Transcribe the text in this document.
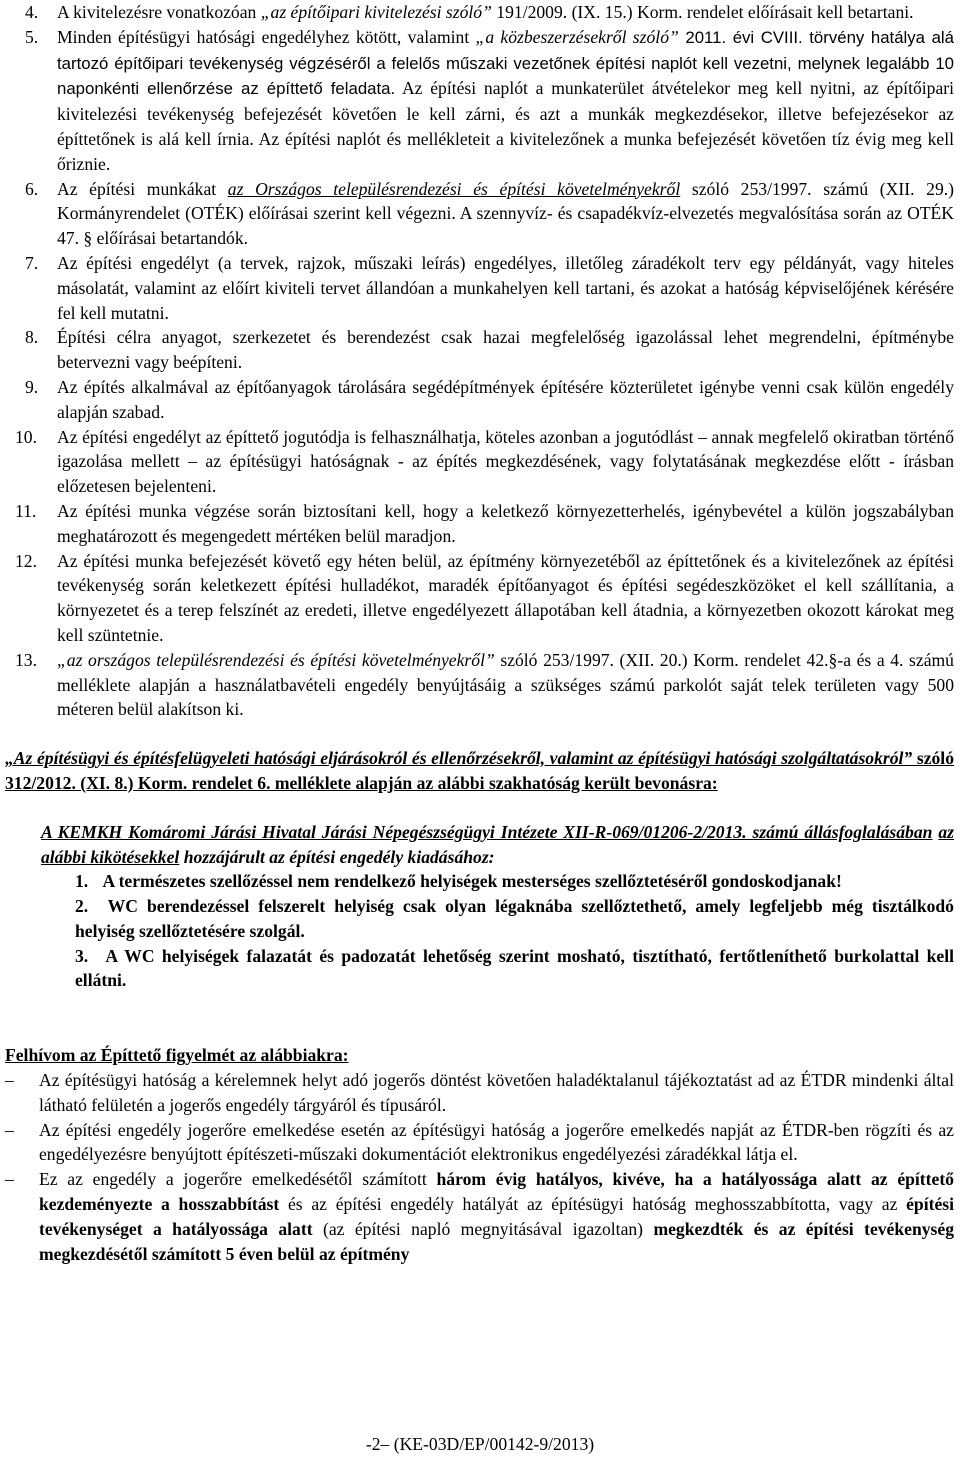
4.	A kivitelezésre vonatkozóan „az építőipari kivitelezési szóló” 191/2009. (IX. 15.) Korm. rendelet előírásait kell betartani.
5.	Minden építésügyi hatósági engedélyhez kötött, valamint „a közbeszerzésekről szóló” 2011. évi CVIII. törvény hatálya alá tartozó építőipari tevékenység végzéséről a felelős műszaki vezetőnek építési naplót kell vezetni, melynek legalább 10 naponkénti ellenőrzése az építtető feladata. Az építési naplót a munkaterület átvételekor meg kell nyitni, az építőipari kivitelezési tevékenység befejezését követően le kell zárni, és azt a munkák megkezdésekor, illetve befejezésekor az építtetőnek is alá kell írnia. Az építési naplót és mellékleteit a kivitelezőnek a munka befejezését követően tíz évig meg kell őriznie.
6.	Az építési munkákat az Országos településrendezési és építési követelményekről szóló 253/1997. számú (XII. 29.) Kormányrendelet (OTÉK) előírásai szerint kell végezni. A szennyvíz- és csapadékvíz-elvezetés megvalósítása során az OTÉK 47. § előírásai betartandók.
7.	Az építési engedélyt (a tervek, rajzok, műszaki leírás) engedélyes, illetőleg záradékolt terv egy példányát, vagy hiteles másolatát, valamint az előírt kiviteli tervet állandóan a munkahelyen kell tartani, és azokat a hatóság képviselőjének kérésére fel kell mutatni.
8.	Építési célra anyagot, szerkezetet és berendezést csak hazai megfelelőség igazolással lehet megrendelni, építménybe betervezni vagy beépíteni.
9.	Az építés alkalmával az építőanyagok tárolására segédépítmények építésére közterületet igénybe venni csak külön engedély alapján szabad.
10.	Az építési engedélyt az építtető jogutódja is felhasználhatja, köteles azonban a jogutódlást – annak megfelelő okiratban történő igazolása mellett – az építésügyi hatóságnak - az építés megkezdésének, vagy folytatásának megkezdése előtt - írásban előzetesen bejelenteni.
11.	Az építési munka végzése során biztosítani kell, hogy a keletkező környezetterhelés, igénybevétel a külön jogszabályban meghatározott és megengedett mértéken belül maradjon.
12.	Az építési munka befejezését követő egy héten belül, az építmény környezetéből az építtetőnek és a kivitelezőnek az építési tevékenység során keletkezett építési hulladékot, maradék építőanyagot és építési segédeszközöket el kell szállítania, a környezetet és a terep felszínét az eredeti, illetve engedélyezett állapotában kell átadnia, a környezetben okozott károkat meg kell szüntetnie.
13.	„az országos településrendezési és építési követelményekről” szóló 253/1997. (XII. 20.) Korm. rendelet 42.§-a és a 4. számú melléklete alapján a használatbavételi engedély benyújtásáig a szükséges számú parkolót saját telek területen vagy 500 méteren belül alakítson ki.
„Az építésügyi és építésfelügyeleti hatósági eljárásokról és ellenőrzésekről, valamint az építésügyi hatósági szolgáltatásokról” szóló 312/2012. (XI. 8.) Korm. rendelet 6. melléklete alapján az alábbi szakhatóság került bevonásra:
A KEMKH Komáromi Járási Hivatal Járási Népegészségügyi Intézete XII-R-069/01206-2/2013. számú állásfoglalásában az alábbi kikötésekkel hozzájárult az építési engedély kiadásához:
1. A természetes szellőzéssel nem rendelkező helyiségek mesterséges szellőztetéséről gondoskodjanak!
2. WC berendezéssel felszerelt helyiség csak olyan légaknába szellőztethető, amely legfeljebb még tisztálkodó helyiség szellőztetésére szolgál.
3. A WC helyiségek falazatát és padozatát lehetőség szerint mosható, tisztítható, fertőtleníthető burkolattal kell ellátni.
Felhívom az Építtető figyelmét az alábbiakra:
–	Az építésügyi hatóság a kérelemnek helyt adó jogerős döntést követően haladéktalanul tájékoztatást ad az ÉTDR mindenki által látható felületén a jogerős engedély tárgyáról és típusáról.
–	Az építési engedély jogerőre emelkedése esetén az építésügyi hatóság a jogerőre emelkedés napját az ÉTDR-ben rögzíti és az engedélyezésre benyújtott építészeti-műszaki dokumentációt elektronikus engedélyezési záradékkal látja el.
–	Ez az engedély a jogerőre emelkedésétől számított három évig hatályos, kivéve, ha a hatályossága alatt az építtető kezdeményezte a hosszabbítást és az építési engedély hatályát az építésügyi hatóság meghosszabbította, vagy az építési tevékenységet a hatályossága alatt (az építési napló megnyitásával igazoltan) megkezdték és az építési tevékenység megkezdésétől számított 5 éven belül az építmény
-2– (KE-03D/EP/00142-9/2013)
